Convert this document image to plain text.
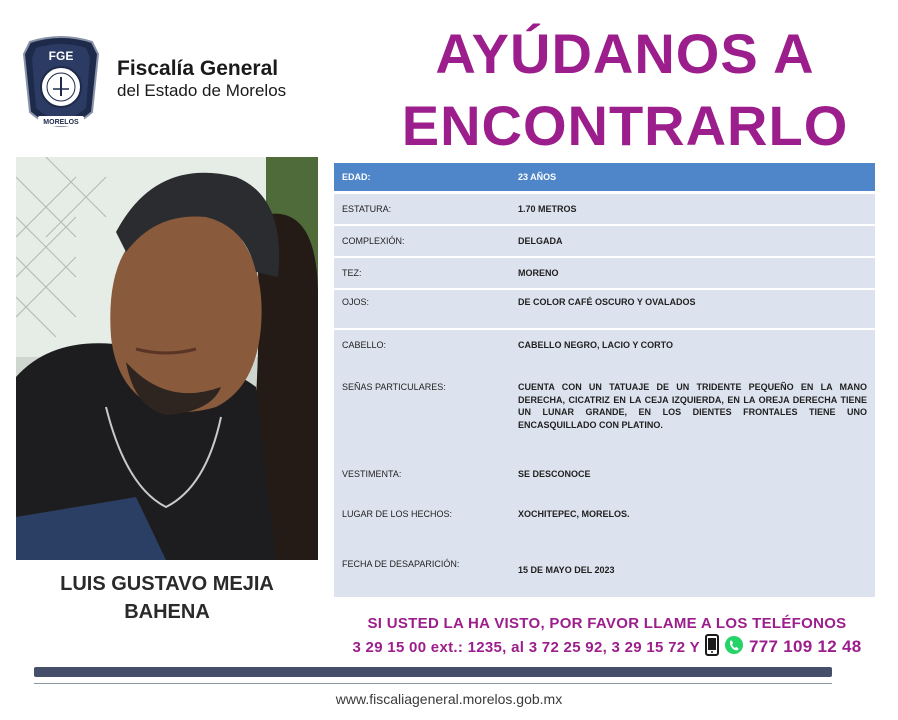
FGE
MORELOS
Fiscalía General
del Estado de Morelos
AYÚDANOS A
ENCONTRARLO
LUIS GUSTAVO MEJIA
BAHENA
EDAD:	23 AÑOS
ESTATURA:	1.70 METROS
COMPLEXIÓN:	DELGADA
TEZ:	MORENO
OJOS:	DE COLOR CAFÉ OSCURO Y OVALADOS
CABELLO:	CABELLO NEGRO, LACIO Y CORTO
SEÑAS PARTICULARES:	CUENTA CON UN TATUAJE DE UN TRIDENTE PEQUEÑO EN LA MANO DERECHA, CICATRIZ EN LA CEJA IZQUIERDA, EN LA OREJA DERECHA TIENE UN LUNAR GRANDE, EN LOS DIENTES FRONTALES TIENE UNO ENCASQUILLADO CON PLATINO.
VESTIMENTA:	SE DESCONOCE
LUGAR DE LOS HECHOS:	XOCHITEPEC, MORELOS.
FECHA DE DESAPARICIÓN:
15 DE MAYO DEL 2023
SI USTED LA HA VISTO, POR FAVOR LLAME A LOS TELÉFONOS
3 29 15 00 ext.: 1235, al 3 72 25 92, 3 29 15 72 Y	777 109 12 48
www.fiscaliageneral.morelos.gob.mx
